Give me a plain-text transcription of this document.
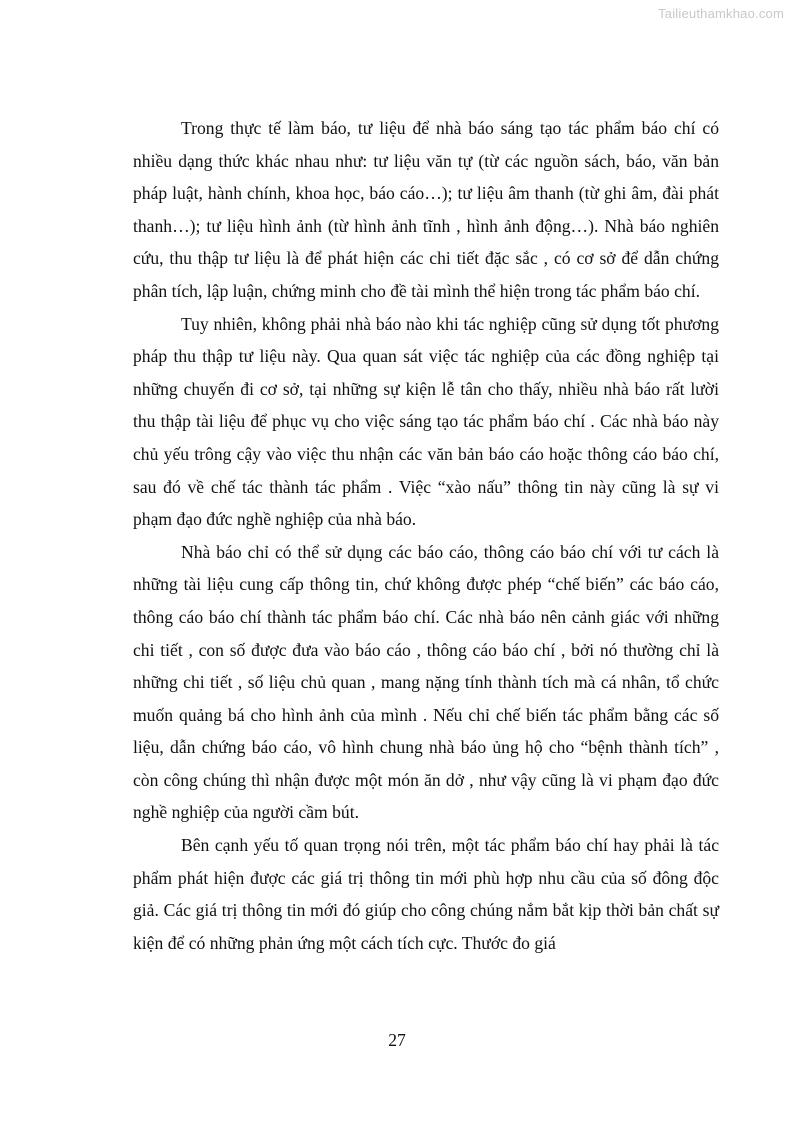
Tailieuthamkhao.com

Trong thực tế làm báo, tư liệu để nhà báo sáng tạo tác phẩm báo chí có nhiều dạng thức khác nhau như: tư liệu văn tự (từ các nguồn sách, báo, văn bản pháp luật, hành chính, khoa học, báo cáo…); tư liệu âm thanh (từ ghi âm, đài phát thanh…); tư liệu hình ảnh (từ hình ảnh tĩnh , hình ảnh động…). Nhà báo nghiên cứu, thu thập tư liệu là để phát hiện các chi tiết đặc sắc , có cơ sở để dẫn chứng phân tích, lập luận, chứng minh cho đề tài mình thể hiện trong tác phẩm báo chí.

Tuy nhiên, không phải nhà báo nào khi tác nghiệp cũng sử dụng tốt phương pháp thu thập tư liệu này. Qua quan sát việc tác nghiệp của các đồng nghiệp tại những chuyến đi cơ sở, tại những sự kiện lễ tân cho thấy, nhiều nhà báo rất lười thu thập tài liệu để phục vụ cho việc sáng tạo tác phẩm báo chí . Các nhà báo này chủ yếu trông cậy vào việc thu nhận các văn bản báo cáo hoặc thông cáo báo chí, sau đó về chế tác thành tác phẩm . Việc “xào nấu” thông tin này cũng là sự vi phạm đạo đức nghề nghiệp của nhà báo.

Nhà báo chỉ có thể sử dụng các báo cáo, thông cáo báo chí với tư cách là những tài liệu cung cấp thông tin, chứ không được phép “chế biến” các báo cáo, thông cáo báo chí thành tác phẩm báo chí. Các nhà báo nên cảnh giác với những chi tiết , con số được đưa vào báo cáo , thông cáo báo chí , bởi nó thường chỉ là những chi tiết , số liệu chủ quan , mang nặng tính thành tích mà cá nhân, tổ chức muốn quảng bá cho hình ảnh của mình . Nếu chỉ chế biến tác phẩm bằng các số liệu, dẫn chứng báo cáo, vô hình chung nhà báo ủng hộ cho “bệnh thành tích” , còn công chúng thì nhận được một món ăn dở , như vậy cũng là vi phạm đạo đức nghề nghiệp của người cầm bút.

Bên cạnh yếu tố quan trọng nói trên, một tác phẩm báo chí hay phải là tác phẩm phát hiện được các giá trị thông tin mới phù hợp nhu cầu của số đông độc giả. Các giá trị thông tin mới đó giúp cho công chúng nắm bắt kịp thời bản chất sự kiện để có những phản ứng một cách tích cực. Thước đo giá

27
